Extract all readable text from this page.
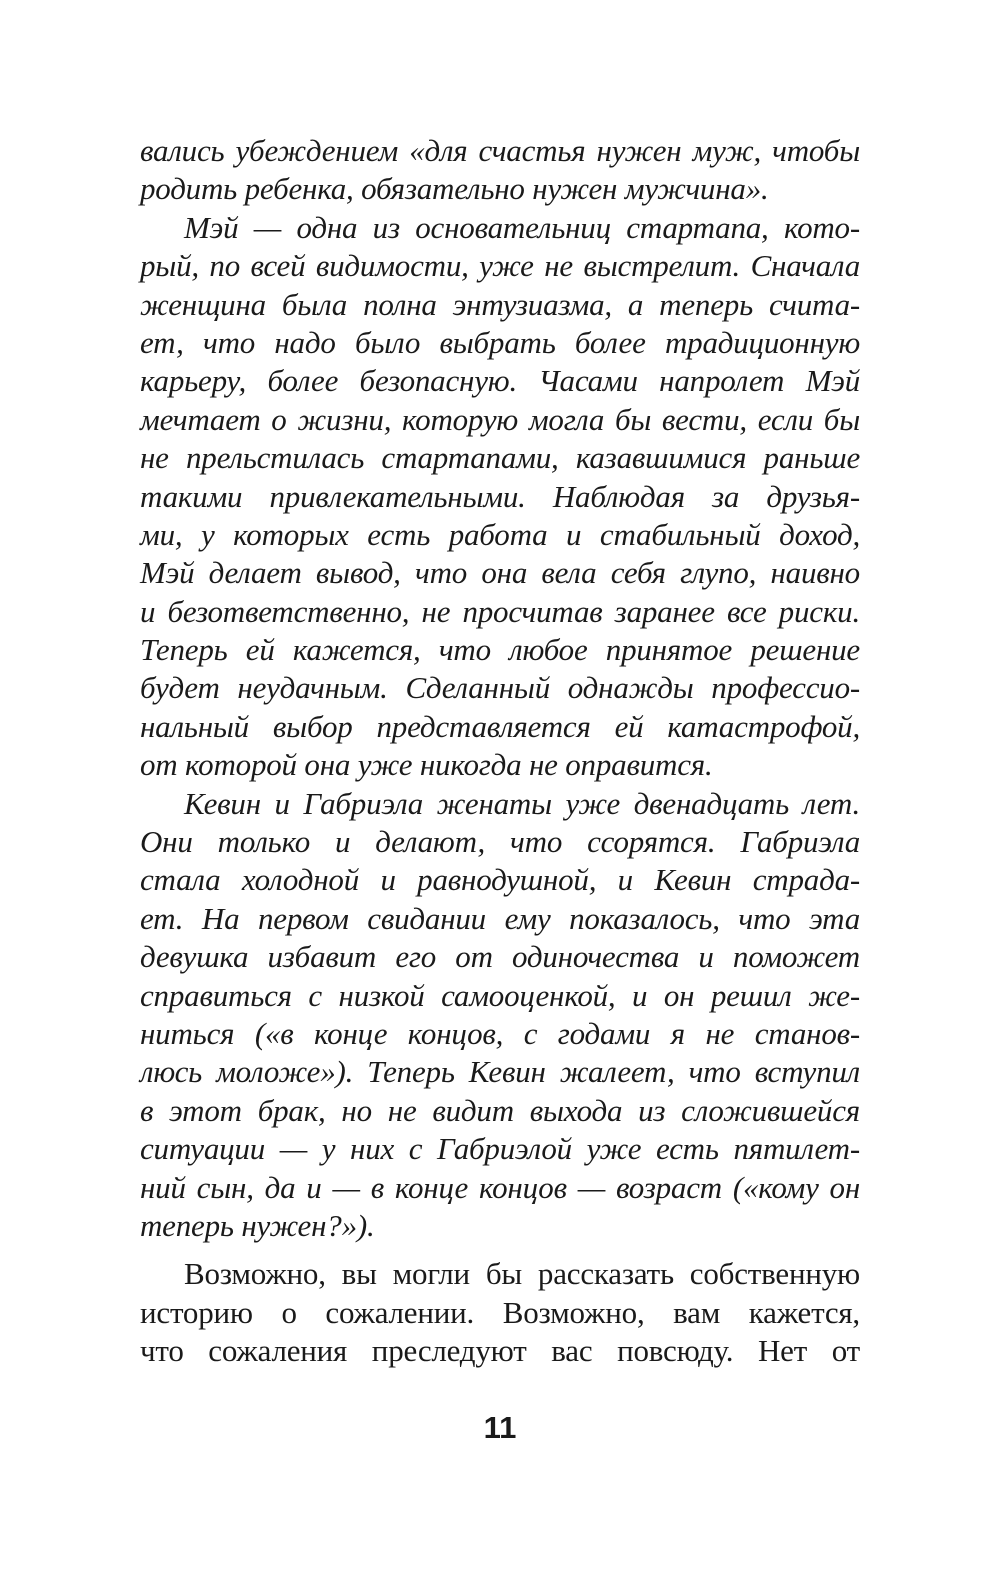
вались убеждением «для счастья нужен муж, чтобы
родить ребенка, обязательно нужен мужчина».
Мэй — одна из основательниц стартапа, кото-
рый, по всей видимости, уже не выстрелит. Сначала
женщина была полна энтузиазма, а теперь счита-
ет, что надо было выбрать более традиционную
карьеру, более безопасную. Часами напролет Мэй
мечтает о жизни, которую могла бы вести, если бы
не прельстилась стартапами, казавшимися раньше
такими привлекательными. Наблюдая за друзья-
ми, у которых есть работа и стабильный доход,
Мэй делает вывод, что она вела себя глупо, наивно
и безответственно, не просчитав заранее все риски.
Теперь ей кажется, что любое принятое решение
будет неудачным. Сделанный однажды профессио-
нальный выбор представляется ей катастрофой,
от которой она уже никогда не оправится.
Кевин и Габриэла женаты уже двенадцать лет.
Они только и делают, что ссорятся. Габриэла
стала холодной и равнодушной, и Кевин страда-
ет. На первом свидании ему показалось, что эта
девушка избавит его от одиночества и поможет
справиться с низкой самооценкой, и он решил же-
ниться («в конце концов, с годами я не станов-
люсь моложе»). Теперь Кевин жалеет, что вступил
в этот брак, но не видит выхода из сложившейся
ситуации — у них с Габриэлой уже есть пятилет-
ний сын, да и — в конце концов — возраст («кому он
теперь нужен?»).
Возможно, вы могли бы рассказать собственную
историю о сожалении. Возможно, вам кажется,
что сожаления преследуют вас повсюду. Нет от
11
